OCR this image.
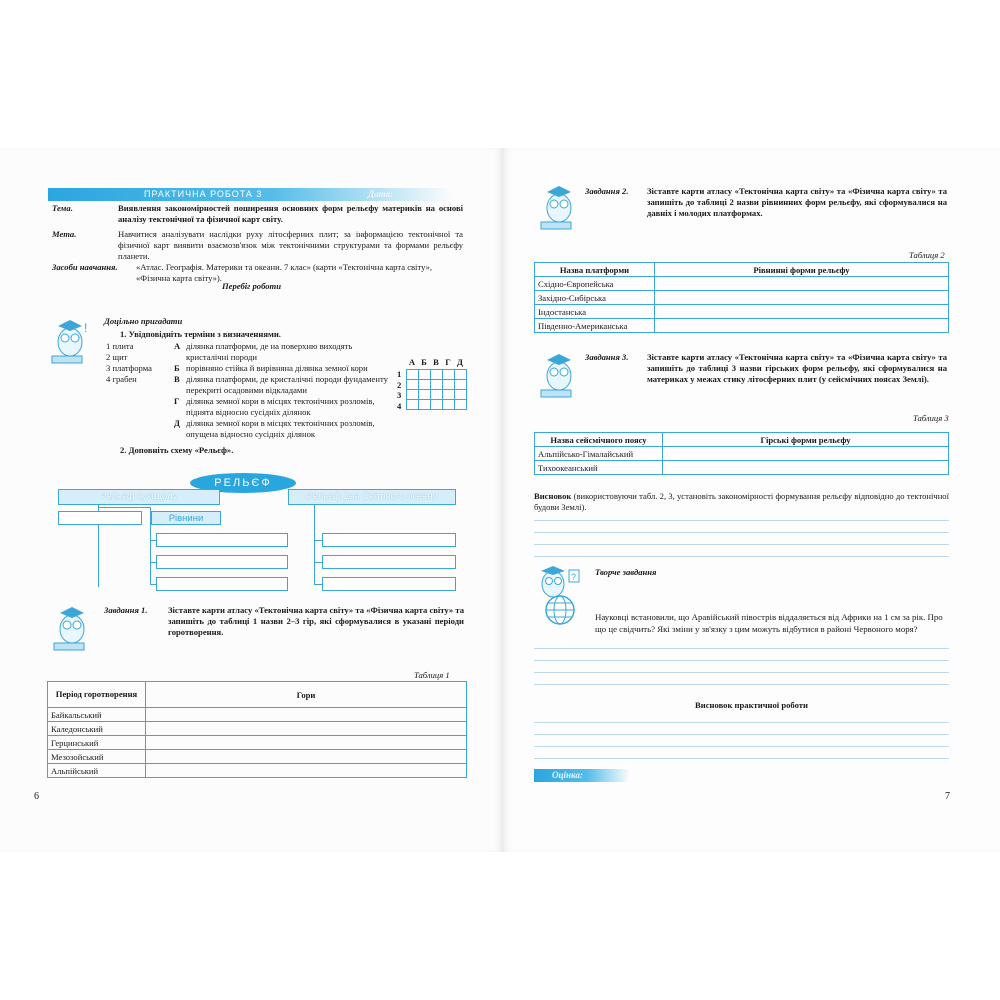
ПРАКТИЧНА РОБОТА 3	Дата:
Тема.	Виявлення закономірностей поширення основних форм рельєфу материків на основі аналізу тектонічної та фізичної карт світу.
Мета.	Навчитися аналізувати наслідки руху літосферних плит; за інформацією тектонічної та фізичної карт виявити взаємозв'язок між тектонічними структурами та формами рельєфу планети.
Засоби навчання. «Атлас. Географія. Материки та океани. 7 клас» (карти «Тектонічна карта світу», «Фізична карта світу»).
Перебіг роботи
! Доцільно пригадати
1. Увідповідніть терміни з визначеннями.
1 плита
2 щит
3 платформа
4 грабен
А ділянка платформи, де на поверхню виходять кристалічні породи
Б порівняно стійка й вирівняна ділянка земної кори
В ділянка платформи, де кристалічні породи фундаменту перекриті осадовими відкладами
Г ділянка земної кори в місцях тектонічних розломів, піднята відносно сусідніх ділянок
Д ділянка земної кори в місцях тектонічних розломів, опущена відносно сусідніх ділянок
А Б В Г Д
1
2
3
4

2. Доповніть схему «Рельєф».
РЕЛЬЄФ
Рельєф суходолу	Рельєф дна Світового океану
Рівнини
Завдання 1. Зіставте карти атласу «Тектонічна карта світу» та «Фізична карта світу» та запишіть до таблиці 1 назви 2–3 гір, які сформувалися в указані періоди горотворення.
Таблиця 1
Період горотворення	Гори
Байкальський	
Каледонський	
Герцинський	
Мезозойський	
Альпійський	
6
Завдання 2. Зіставте карти атласу «Тектонічна карта світу» та «Фізична карта світу» та запишіть до таблиці 2 назви рівнинних форм рельєфу, які сформувалися на давніх і молодих платформах.
Таблиця 2
Назва платформи	Рівнинні форми рельєфу
Східно-Європейська	
Західно-Сибірська	
Індостанська	
Південно-Американська	
Завдання 3. Зіставте карти атласу «Тектонічна карта світу» та «Фізична карта світу» та запишіть до таблиці 3 назви гірських форм рельєфу, які сформувалися на материках у межах стику літосферних плит (у сейсмічних поясах Землі).
Таблиця 3
Назва сейсмічного поясу	Гірські форми рельєфу
Альпійсько-Гімалайський	
Тихоокеанський	
Висновок (використовуючи табл. 2, 3, установіть закономірності формування рельєфу відповідно до тектонічної будови Землі).
? Творче завдання
Науковці встановили, що Аравійський півострів віддаляється від Африки на 1 см за рік. Про що це свідчить? Які зміни у зв'язку з цим можуть відбутися в районі Червоного моря?
Висновок практичної роботи
Оцінка:
7
